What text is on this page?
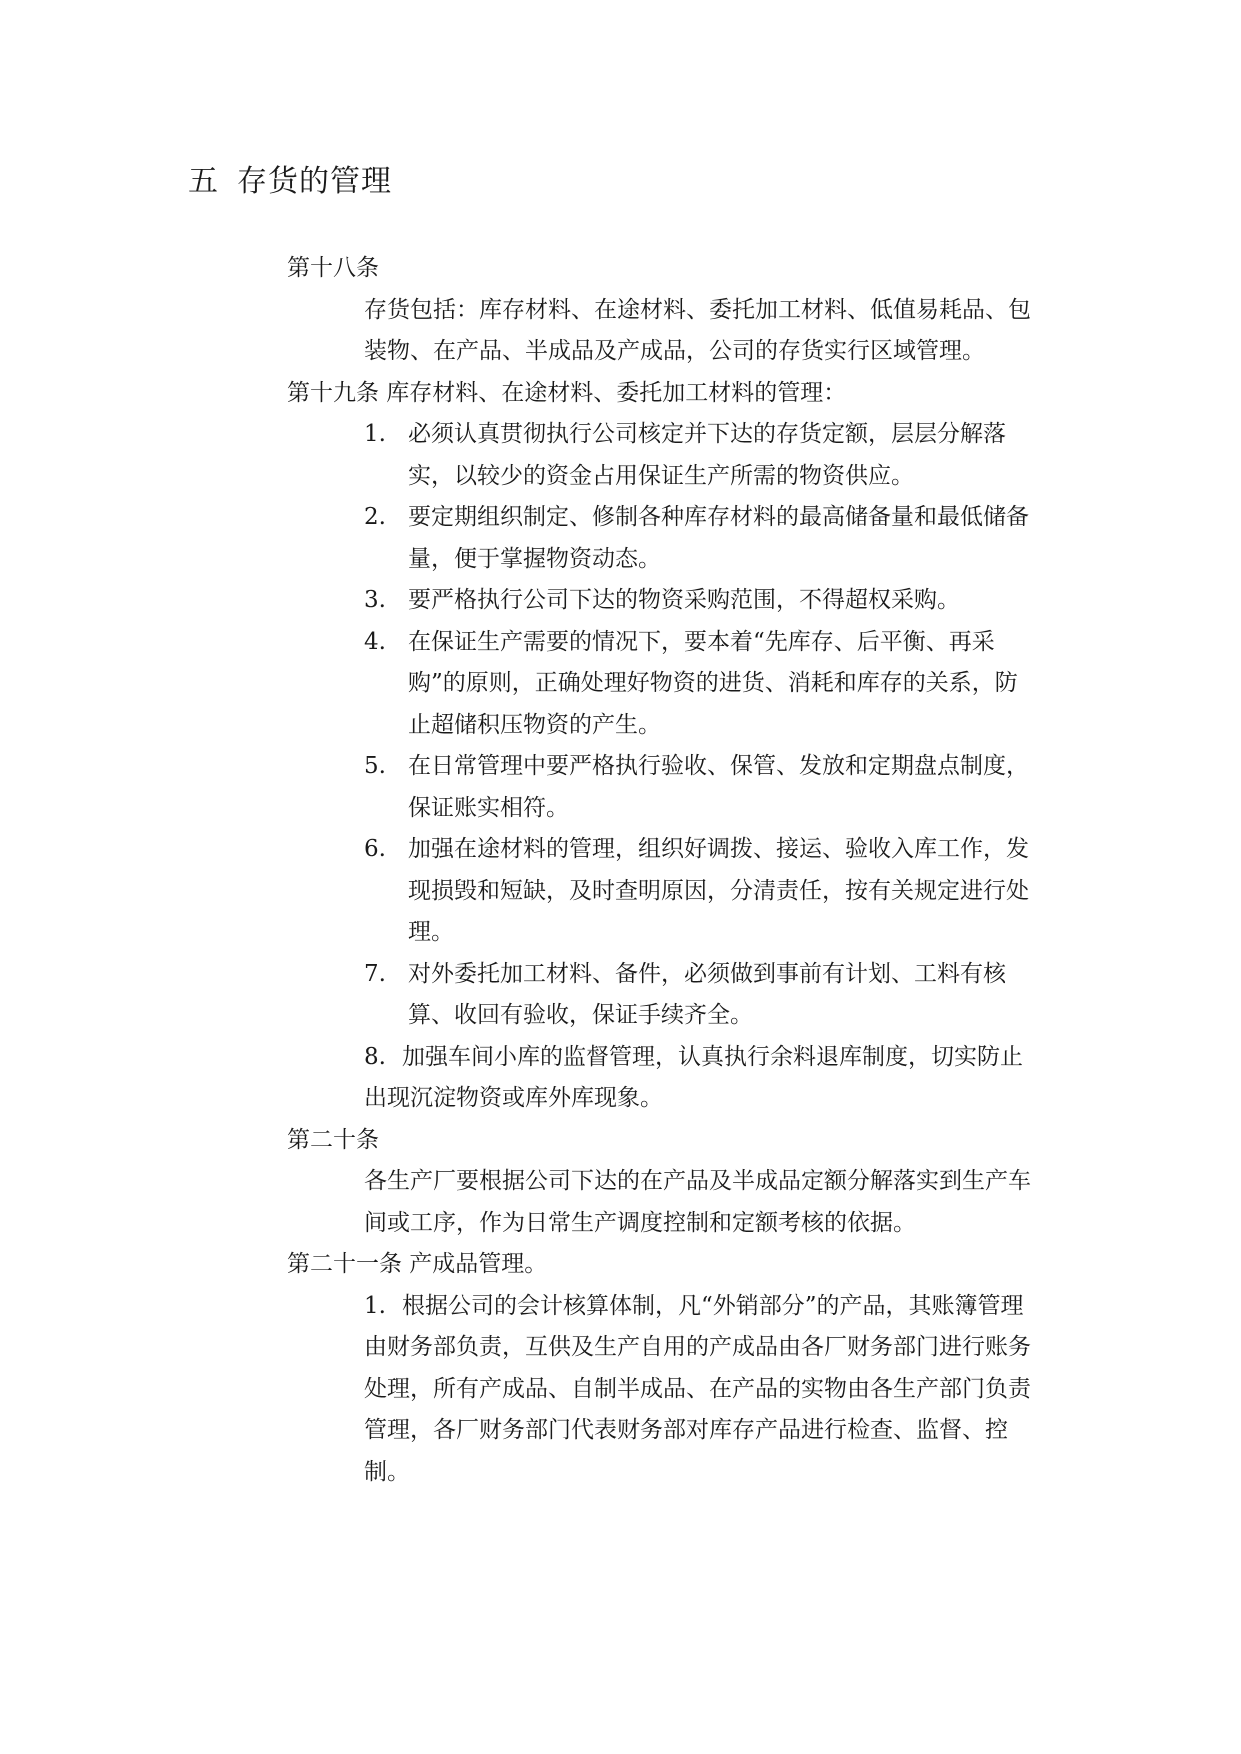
五 存货的管理
第十八条
存货包括：库存材料、在途材料、委托加工材料、低值易耗品、包装物、在产品、半成品及产成品，公司的存货实行区域管理。
第十九条 库存材料、在途材料、委托加工材料的管理：
1. 必须认真贯彻执行公司核定并下达的存货定额，层层分解落实，以较少的资金占用保证生产所需的物资供应。
2. 要定期组织制定、修制各种库存材料的最高储备量和最低储备量，便于掌握物资动态。
3. 要严格执行公司下达的物资采购范围，不得超权采购。
4. 在保证生产需要的情况下，要本着“先库存、后平衡、再采购”的原则，正确处理好物资的进货、消耗和库存的关系，防止超储积压物资的产生。
5. 在日常管理中要严格执行验收、保管、发放和定期盘点制度，保证账实相符。
6. 加强在途材料的管理，组织好调拨、接运、验收入库工作，发现损毁和短缺，及时查明原因，分清责任，按有关规定进行处理。
7. 对外委托加工材料、备件，必须做到事前有计划、工料有核算、收回有验收，保证手续齐全。
8. 加强车间小库的监督管理，认真执行余料退库制度，切实防止出现沉淀物资或库外库现象。
第二十条
各生产厂要根据公司下达的在产品及半成品定额分解落实到生产车间或工序，作为日常生产调度控制和定额考核的依据。
第二十一条 产成品管理。
1. 根据公司的会计核算体制，凡“外销部分”的产品，其账簿管理由财务部负责，互供及生产自用的产成品由各厂财务部门进行账务处理，所有产成品、自制半成品、在产品的实物由各生产部门负责管理，各厂财务部门代表财务部对库存产品进行检查、监督、控制。
